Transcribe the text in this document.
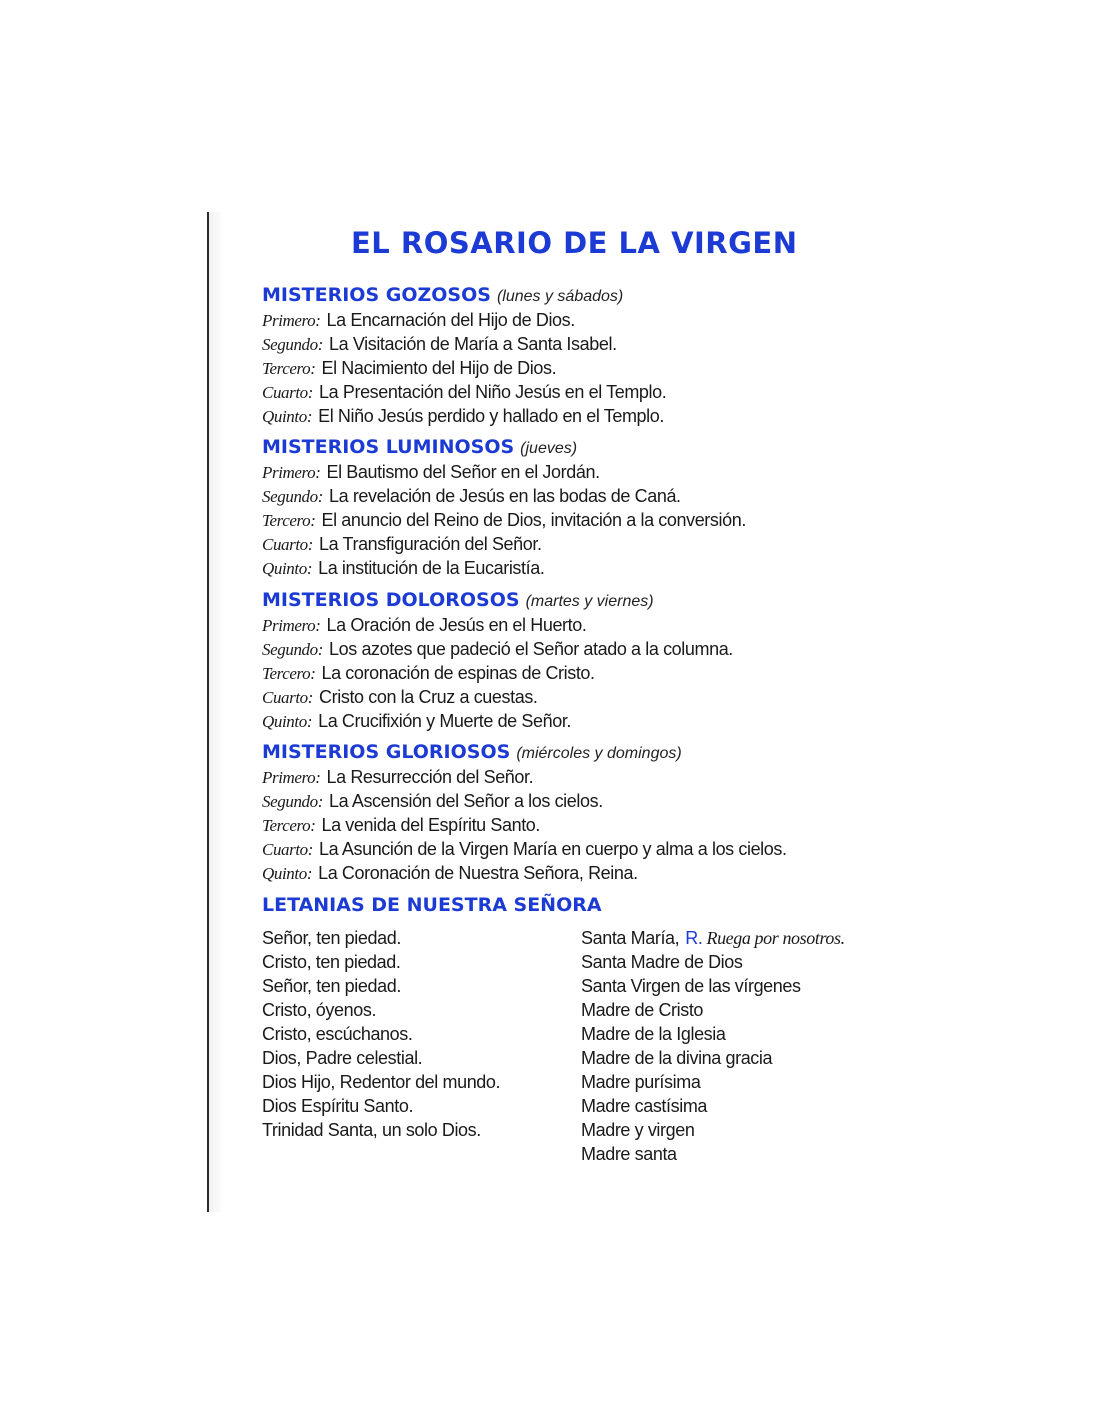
EL ROSARIO DE LA VIRGEN
MISTERIOS GOZOSOS (lunes y sábados)
Primero: La Encarnación del Hijo de Dios.
Segundo: La Visitación de María a Santa Isabel.
Tercero: El Nacimiento del Hijo de Dios.
Cuarto: La Presentación del Niño Jesús en el Templo.
Quinto: El Niño Jesús perdido y hallado en el Templo.
MISTERIOS LUMINOSOS (jueves)
Primero: El Bautismo del Señor en el Jordán.
Segundo: La revelación de Jesús en las bodas de Caná.
Tercero: El anuncio del Reino de Dios, invitación a la conversión.
Cuarto: La Transfiguración del Señor.
Quinto: La institución de la Eucaristía.
MISTERIOS DOLOROSOS (martes y viernes)
Primero: La Oración de Jesús en el Huerto.
Segundo: Los azotes que padeció el Señor atado a la columna.
Tercero: La coronación de espinas de Cristo.
Cuarto: Cristo con la Cruz a cuestas.
Quinto: La Crucifixión y Muerte de Señor.
MISTERIOS GLORIOSOS (miércoles y domingos)
Primero: La Resurrección del Señor.
Segundo: La Ascensión del Señor a los cielos.
Tercero: La venida del Espíritu Santo.
Cuarto: La Asunción de la Virgen María en cuerpo y alma a los cielos.
Quinto: La Coronación de Nuestra Señora, Reina.
LETANIAS DE NUESTRA SEÑORA
Señor, ten piedad.
Cristo, ten piedad.
Señor, ten piedad.
Cristo, óyenos.
Cristo, escúchanos.
Dios, Padre celestial.
Dios Hijo, Redentor del mundo.
Dios Espíritu Santo.
Trinidad Santa, un solo Dios.
Santa María, R. Ruega por nosotros.
Santa Madre de Dios
Santa Virgen de las vírgenes
Madre de Cristo
Madre de la Iglesia
Madre de la divina gracia
Madre purísima
Madre castísima
Madre y virgen
Madre santa
